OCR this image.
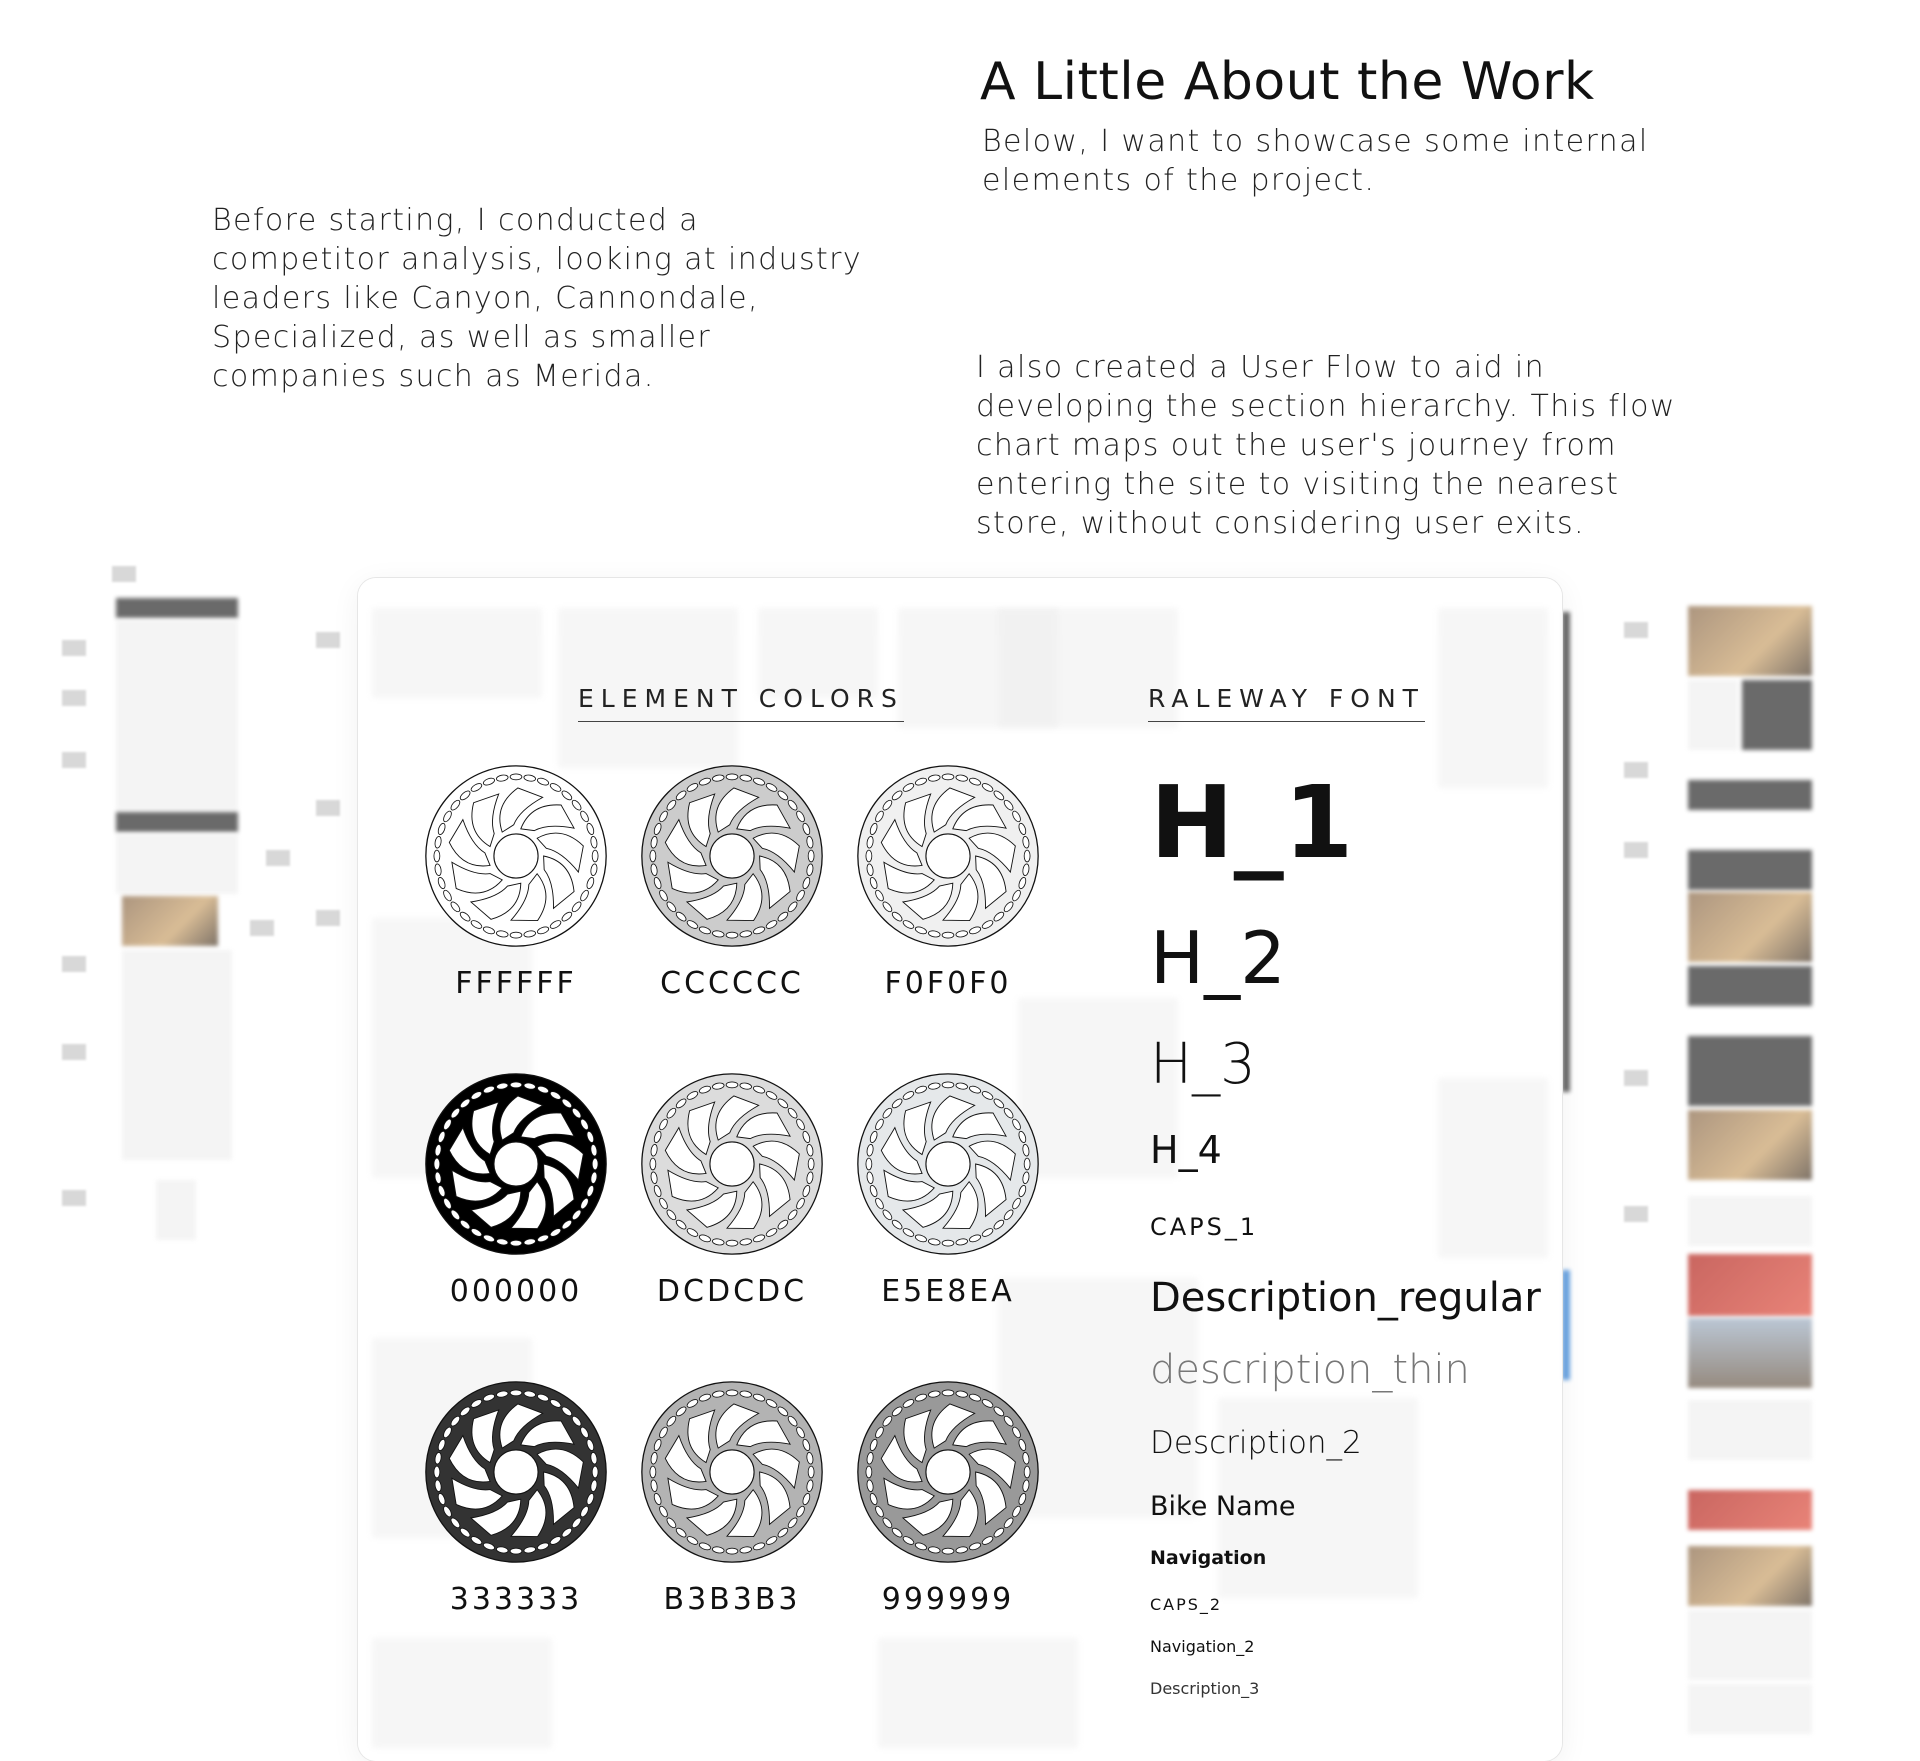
A Little About the Work

Below, I want to showcase some internal elements of the project.

Before starting, I conducted a competitor analysis, looking at industry leaders like Canyon, Cannondale, Specialized, as well as smaller companies such as Merida.	I also created a User Flow to aid in developing the section hierarchy. This flow chart maps out the user's journey from entering the site to visiting the nearest store, without considering user exits.

ELEMENT COLORS	RALEWAY FONT
FFFFFF	CCCCCC	F0F0F0
000000	DCDCDC	E5E8EA
333333	B3B3B3	999999
H_1
H_2
H_3
H_4
CAPS_1
Description_regular
description_thin
Description_2
Bike Name
Navigation
CAPS_2
Navigation_2
Description_3
